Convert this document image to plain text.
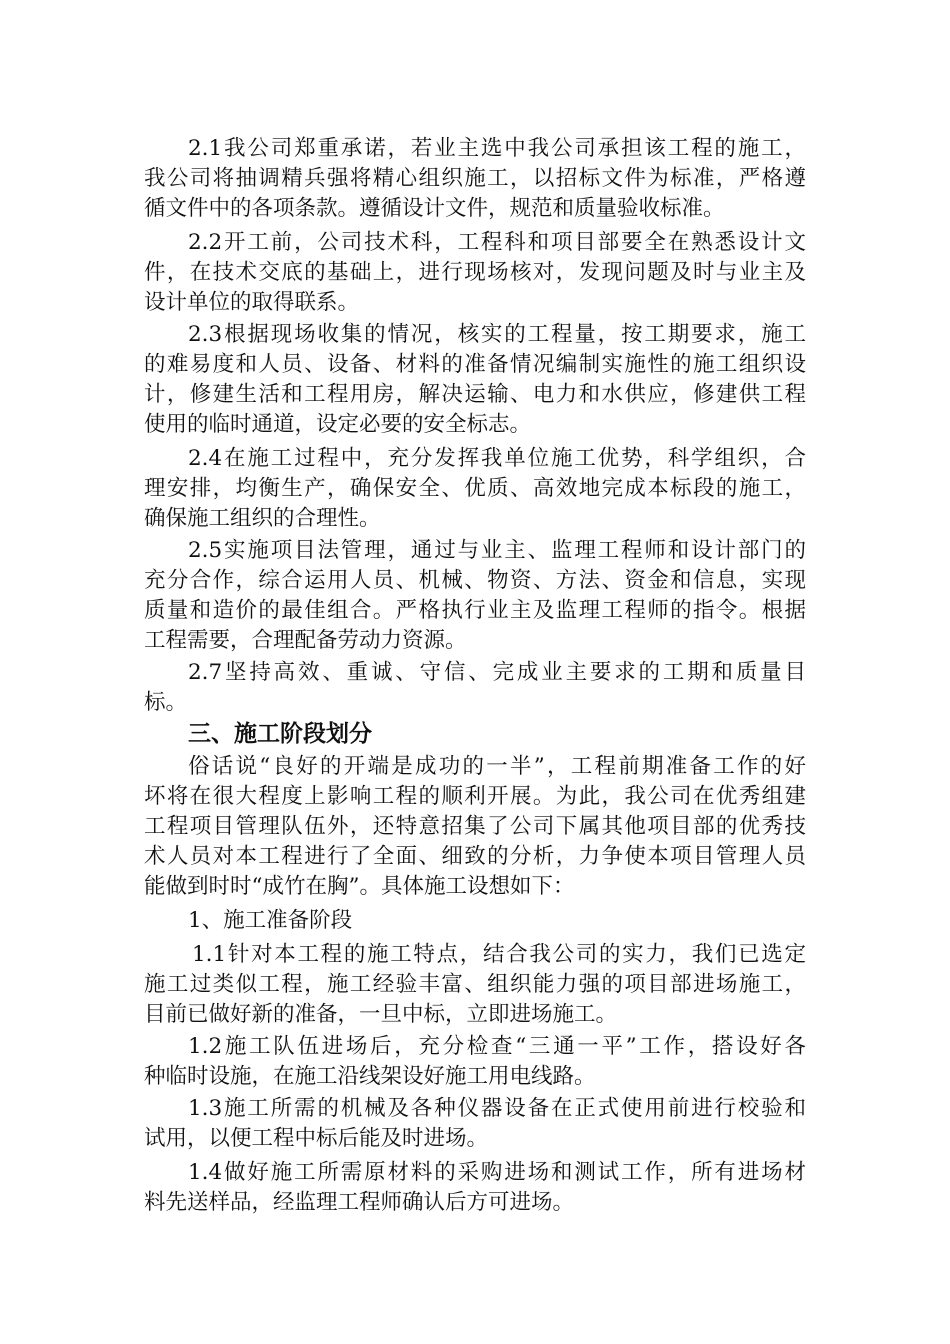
2.1我公司郑重承诺，若业主选中我公司承担该工程的施工，
我公司将抽调精兵强将精心组织施工，以招标文件为标准，严格遵
循文件中的各项条款。遵循设计文件，规范和质量验收标准。
2.2开工前，公司技术科，工程科和项目部要全在熟悉设计文
件，在技术交底的基础上，进行现场核对，发现问题及时与业主及
设计单位的取得联系。
2.3根据现场收集的情况，核实的工程量，按工期要求，施工
的难易度和人员、设备、材料的准备情况编制实施性的施工组织设
计，修建生活和工程用房，解决运输、电力和水供应，修建供工程
使用的临时通道，设定必要的安全标志。
2.4在施工过程中，充分发挥我单位施工优势，科学组织，合
理安排，均衡生产，确保安全、优质、高效地完成本标段的施工，
确保施工组织的合理性。
2.5实施项目法管理，通过与业主、监理工程师和设计部门的
充分合作，综合运用人员、机械、物资、方法、资金和信息，实现
质量和造价的最佳组合。严格执行业主及监理工程师的指令。根据
工程需要，合理配备劳动力资源。
2.7坚持高效、重诚、守信、完成业主要求的工期和质量目
标。
三、施工阶段划分
俗话说“良好的开端是成功的一半”，工程前期准备工作的好
坏将在很大程度上影响工程的顺利开展。为此，我公司在优秀组建
工程项目管理队伍外，还特意招集了公司下属其他项目部的优秀技
术人员对本工程进行了全面、细致的分析，力争使本项目管理人员
能做到时时“成竹在胸”。具体施工设想如下：
1、施工准备阶段
1.1针对本工程的施工特点，结合我公司的实力，我们已选定
施工过类似工程，施工经验丰富、组织能力强的项目部进场施工，
目前已做好新的准备，一旦中标，立即进场施工。
1.2施工队伍进场后，充分检查“三通一平”工作，搭设好各
种临时设施，在施工沿线架设好施工用电线路。
1.3施工所需的机械及各种仪器设备在正式使用前进行校验和
试用，以便工程中标后能及时进场。
1.4做好施工所需原材料的采购进场和测试工作，所有进场材
料先送样品，经监理工程师确认后方可进场。
